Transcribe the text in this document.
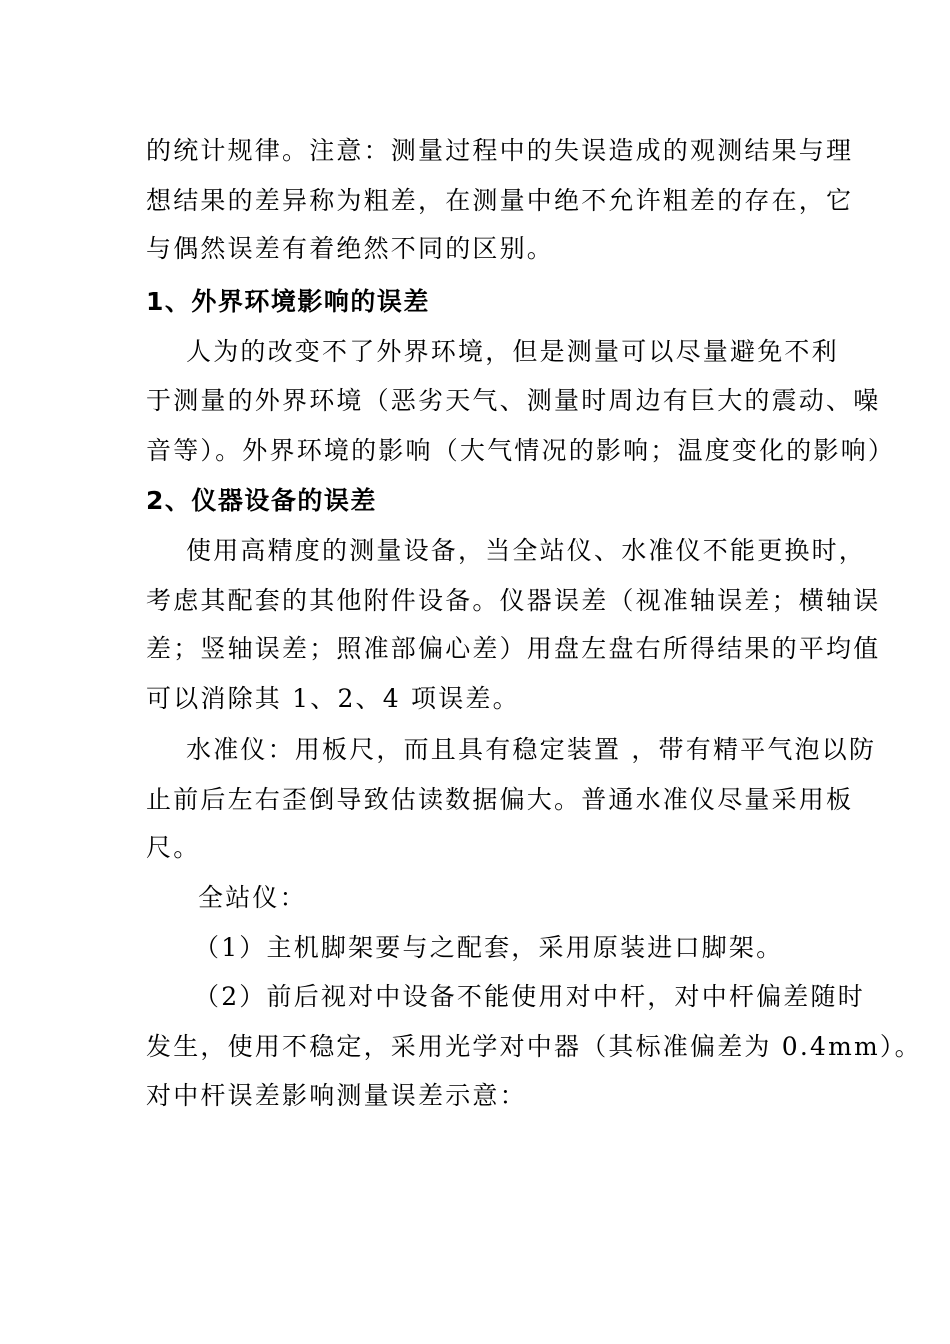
的统计规律。注意：测量过程中的失误造成的观测结果与理
想结果的差异称为粗差，在测量中绝不允许粗差的存在，它
与偶然误差有着绝然不同的区别。
1、外界环境影响的误差
人为的改变不了外界环境，但是测量可以尽量避免不利
于测量的外界环境（恶劣天气、测量时周边有巨大的震动、噪
音等）。外界环境的影响（大气情况的影响；温度变化的影响）
2、仪器设备的误差
使用高精度的测量设备，当全站仪、水准仪不能更换时，
考虑其配套的其他附件设备。仪器误差（视准轴误差；横轴误
差；竖轴误差；照准部偏心差）用盘左盘右所得结果的平均值
可以消除其 1、2、4 项误差。
水准仪：用板尺，而且具有稳定装置 ，带有精平气泡以防
止前后左右歪倒导致估读数据偏大。普通水准仪尽量采用板
尺。
全站仪：
（1）主机脚架要与之配套，采用原装进口脚架。
（2）前后视对中设备不能使用对中杆，对中杆偏差随时
发生，使用不稳定，采用光学对中器（其标准偏差为 0.4mm）。
对中杆误差影响测量误差示意：
